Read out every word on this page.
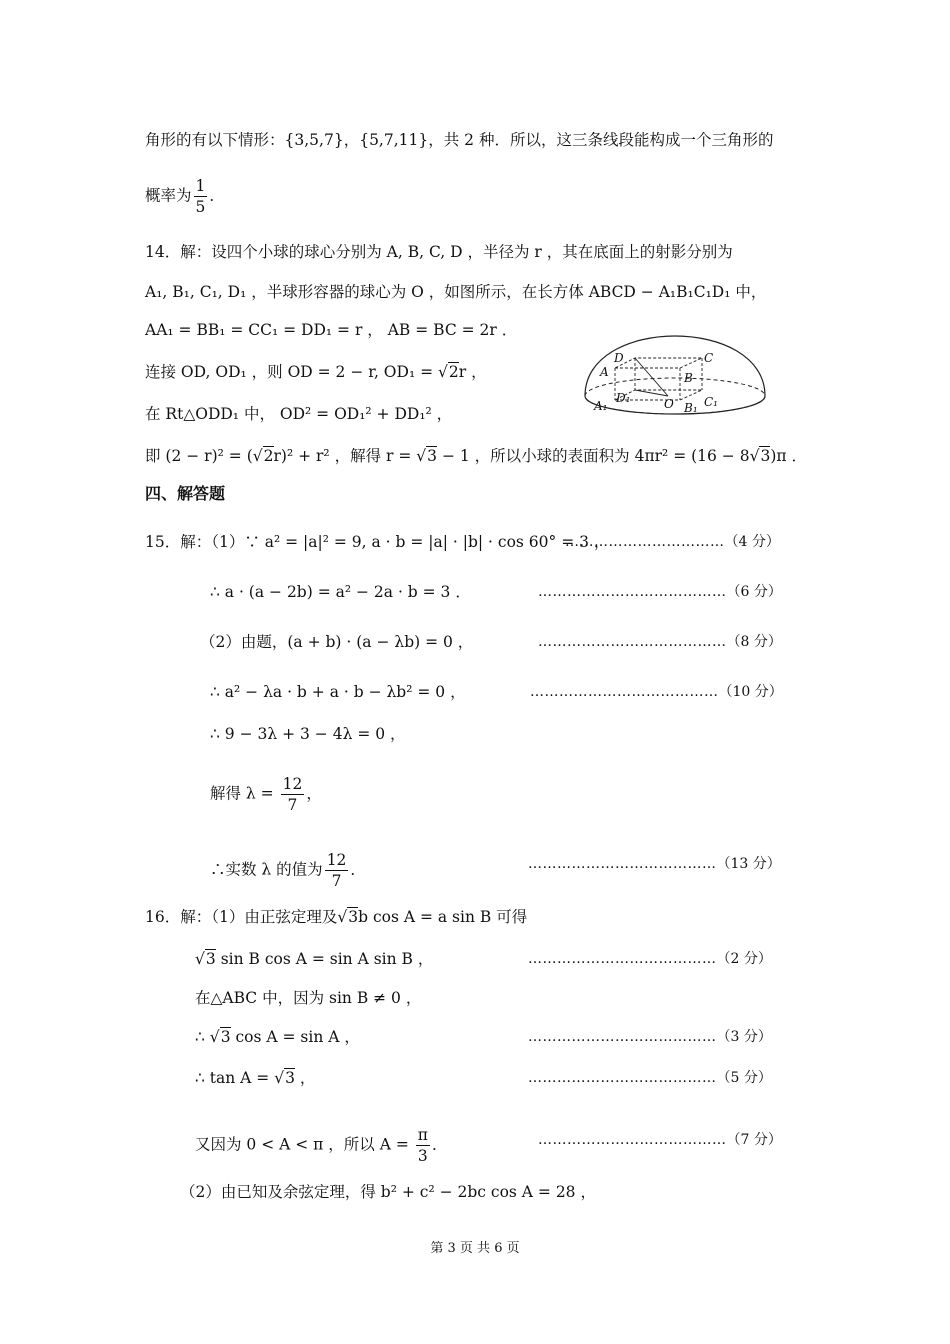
角形的有以下情形：{3,5,7}，{5,7,11}，共 2 种．所以，这三条线段能构成一个三角形的
概率为 $\frac{1}{5}$ ．
14．解：设四个小球的球心分别为 A, B, C, D ，半径为 r ，其在底面上的射影分别为
A₁, B₁, C₁, D₁ ，半球形容器的球心为 O ，如图所示，在长方体 ABCD − A₁B₁C₁D₁ 中，
AA₁ = BB₁ = CC₁ = DD₁ = r ， AB = BC = 2r ．
连接 OD, OD₁ ，则 OD = 2 − r, OD₁ = √2r ，
在 Rt△ODD₁ 中， OD² = OD₁² + DD₁² ，
即 (2 − r)² = (√2r)² + r² ，解得 r = √3 − 1 ，所以小球的表面积为 4πr² = (16 − 8√3)π ．
D	C
A	B
A₁
D₁	O B₁ C₁
四、解答题
15．解：（1）∵ a² = |a|² = 9, a · b = |a| · |b| · cos 60° = 3 ，
……………………………（4 分）
∴ a · (a − 2b) = a² − 2a · b = 3 ．	…………………………………（6 分）
（2）由题，(a + b) · (a − λb) = 0 ，	…………………………………（8 分）
∴ a² − λa · b + a · b − λb² = 0 ，	…………………………………（10 分）
∴ 9 − 3λ + 3 − 4λ = 0 ，
解得 $\lambda = \frac{12}{7}$ ，
∴实数 λ 的值为 $\frac{12}{7}$ ．	…………………………………（13 分）
16．解：（1）由正弦定理及√3b cos A = a sin B 可得
√3 sin B cos A = sin A sin B ，	…………………………………（2 分）
在△ABC 中，因为 sin B ≠ 0 ，
∴ √3 cos A = sin A ，	…………………………………（3 分）
∴ tan A = √3 ，	…………………………………（5 分）
又因为 0 < A < π ，所以 $A = \frac{\pi}{3}$ ．	…………………………………（7 分）
（2）由已知及余弦定理，得 b² + c² − 2bc cos A = 28 ，
第 3 页 共 6 页
